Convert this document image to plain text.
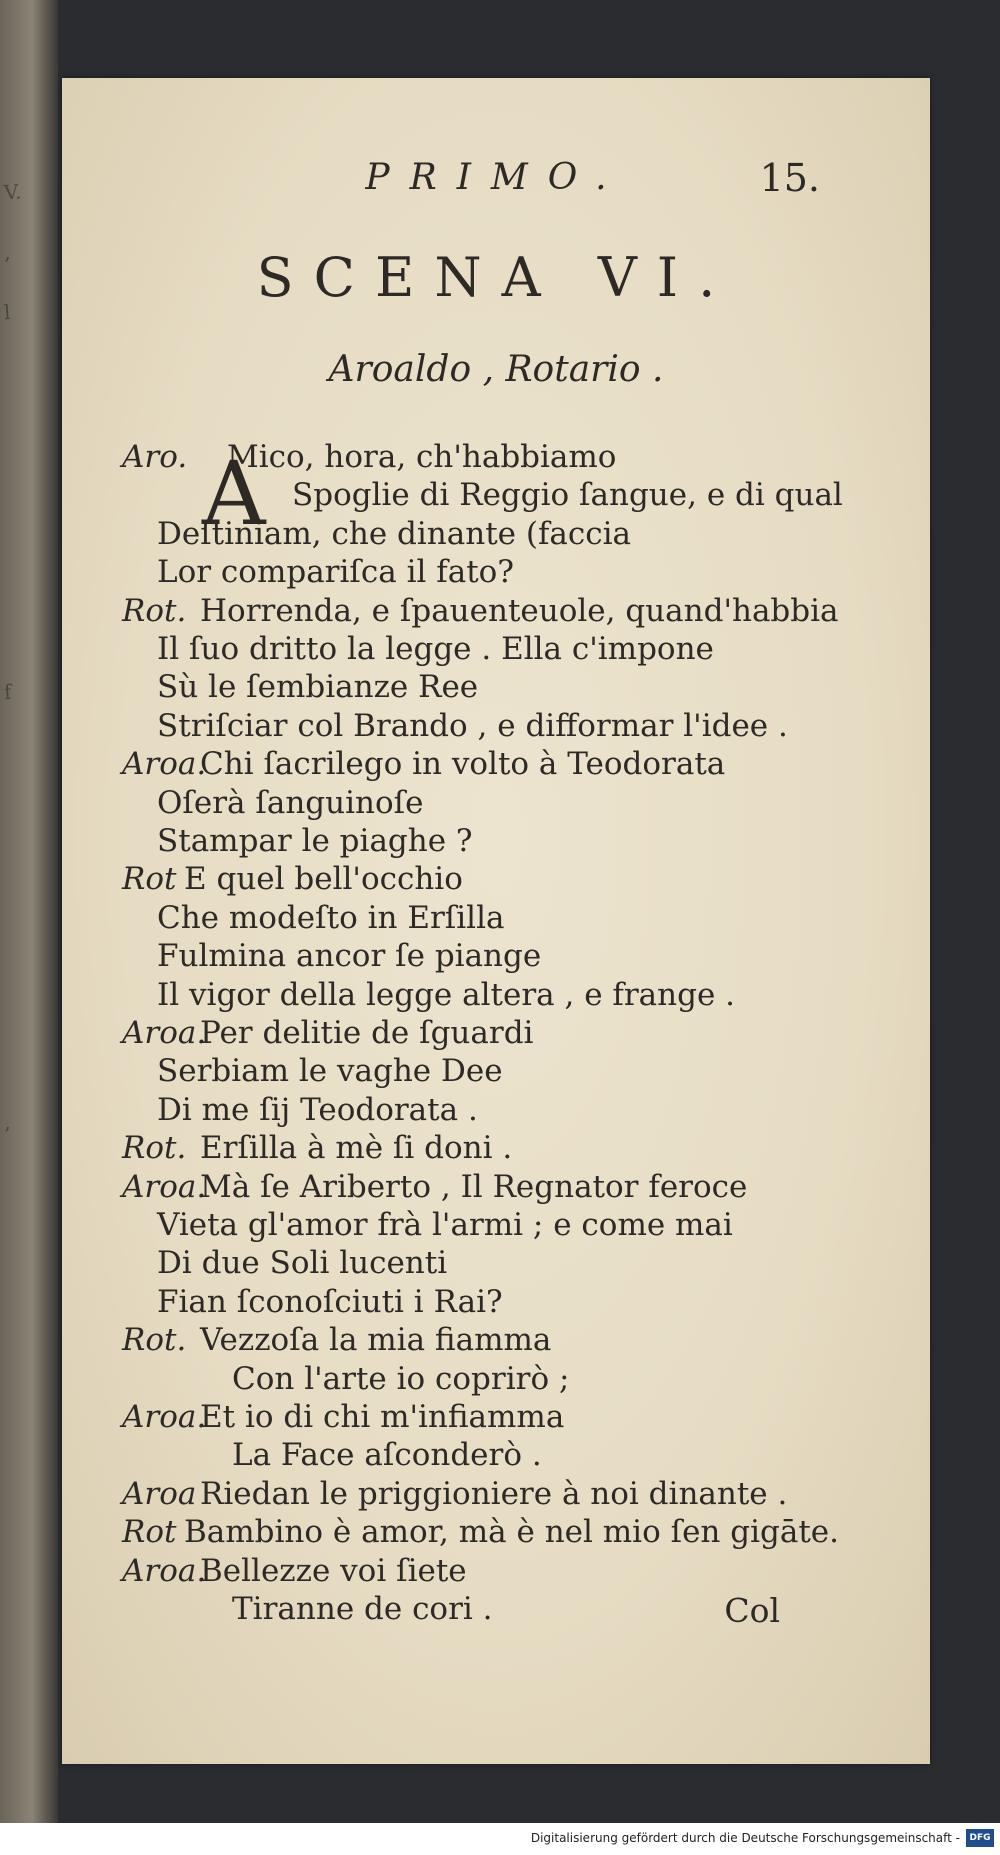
V.
,
l
f
,
PRIMO.	15.
SCENA VI.
Aroaldo , Rotario .
A
Aro. Mico, hora, ch'habbiamo
Spoglie di Reggio ſangue, e di qual
Deſtiniam, che dinante (faccia
Lor compariſca il fato?
Rot. Horrenda, e ſpauenteuole, quand'habbia
Il ſuo dritto la legge . Ella c'impone
Sù le ſembianze Ree
Striſciar col Brando , e difformar l'idee .
Aroa.
Chi ſacrilego in volto à Teodorata
Oſerà ſanguinoſe
Stampar le piaghe ?
Rot E quel bell'occhio
Che modeſto in Erſilla
Fulmina ancor ſe piange
Il vigor della legge altera , e frange .
Aroa.
Per delitie de ſguardi
Serbiam le vaghe Dee
Di me ſij Teodorata .
Rot. Erſilla à mè ſi doni .
Aroa.
Mà ſe Ariberto , Il Regnator feroce
Vieta gl'amor frà l'armi ; e come mai
Di due Soli lucenti
Fian ſconoſciuti i Rai?
Rot. Vezzoſa la mia fiamma
Con l'arte io coprirò ;
Aroa.
Et io di chi m'infiamma
La Face aſconderò .
Aroa Riedan le priggioniere à noi dinante .
Rot Bambino è amor, mà è nel mio ſen gigāte.
Aroa.
Bellezze voi ſiete
Tiranne de cori .	Col
Digitalisierung gefördert durch die Deutsche Forschungsgemeinschaft -	DFG
